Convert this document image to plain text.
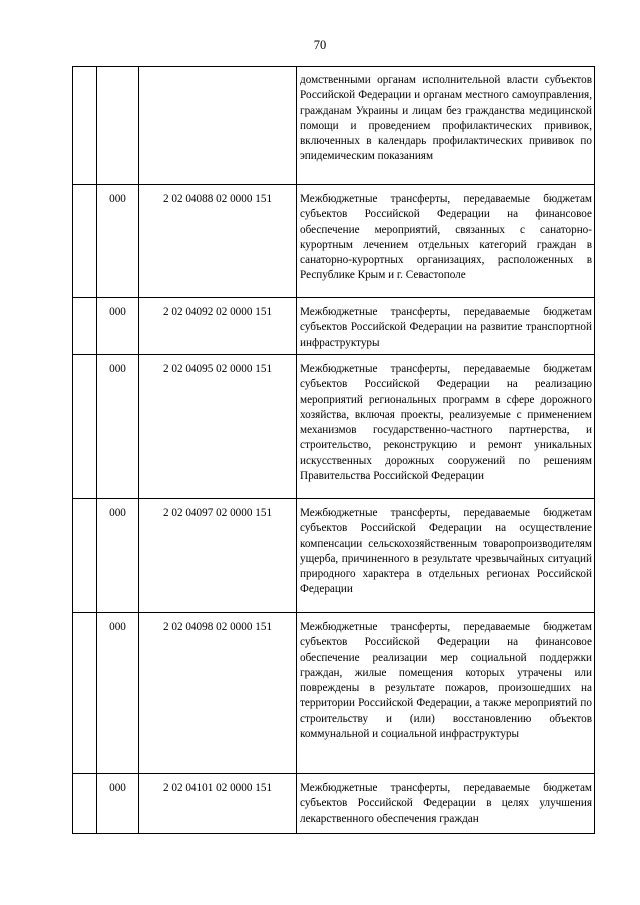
70
			домственными органам исполнительной власти субъектов Российской Федерации и органам местного самоуправления, гражданам Украины и лицам без гражданства медицинской помощи и проведением профилактических прививок, включенных в календарь профилактических прививок по эпидемическим показаниям
	000	2 02 04088 02 0000 151	Межбюджетные трансферты, передаваемые бюджетам субъектов Российской Федерации на финансовое обеспечение мероприятий, связанных с санаторно-курортным лечением отдельных категорий граждан в санаторно-курортных организациях, расположенных в Республике Крым и г. Севастополе
	000	2 02 04092 02 0000 151	Межбюджетные трансферты, передаваемые бюджетам субъектов Российской Федерации на развитие транспортной инфраструктуры
	000	2 02 04095 02 0000 151	Межбюджетные трансферты, передаваемые бюджетам субъектов Российской Федерации на реализацию мероприятий региональных программ в сфере дорожного хозяйства, включая проекты, реализуемые с применением механизмов государственно-частного партнерства, и строительство, реконструкцию и ремонт уникальных искусственных дорожных сооружений по решениям Правительства Российской Федерации
	000	2 02 04097 02 0000 151	Межбюджетные трансферты, передаваемые бюджетам субъектов Российской Федерации на осуществление компенсации сельскохозяйственным товаропроизводителям ущерба, причиненного в результате чрезвычайных ситуаций природного характера в отдельных регионах Российской Федерации
	000	2 02 04098 02 0000 151	Межбюджетные трансферты, передаваемые бюджетам субъектов Российской Федерации на финансовое обеспечение реализации мер социальной поддержки граждан, жилые помещения которых утрачены или повреждены в результате пожаров, произошедших на территории Российской Федерации, а также мероприятий по строительству и (или) восстановлению объектов коммунальной и социальной инфраструктуры
	000	2 02 04101 02 0000 151	Межбюджетные трансферты, передаваемые бюджетам субъектов Российской Федерации в целях улучшения лекарственного обеспечения граждан
